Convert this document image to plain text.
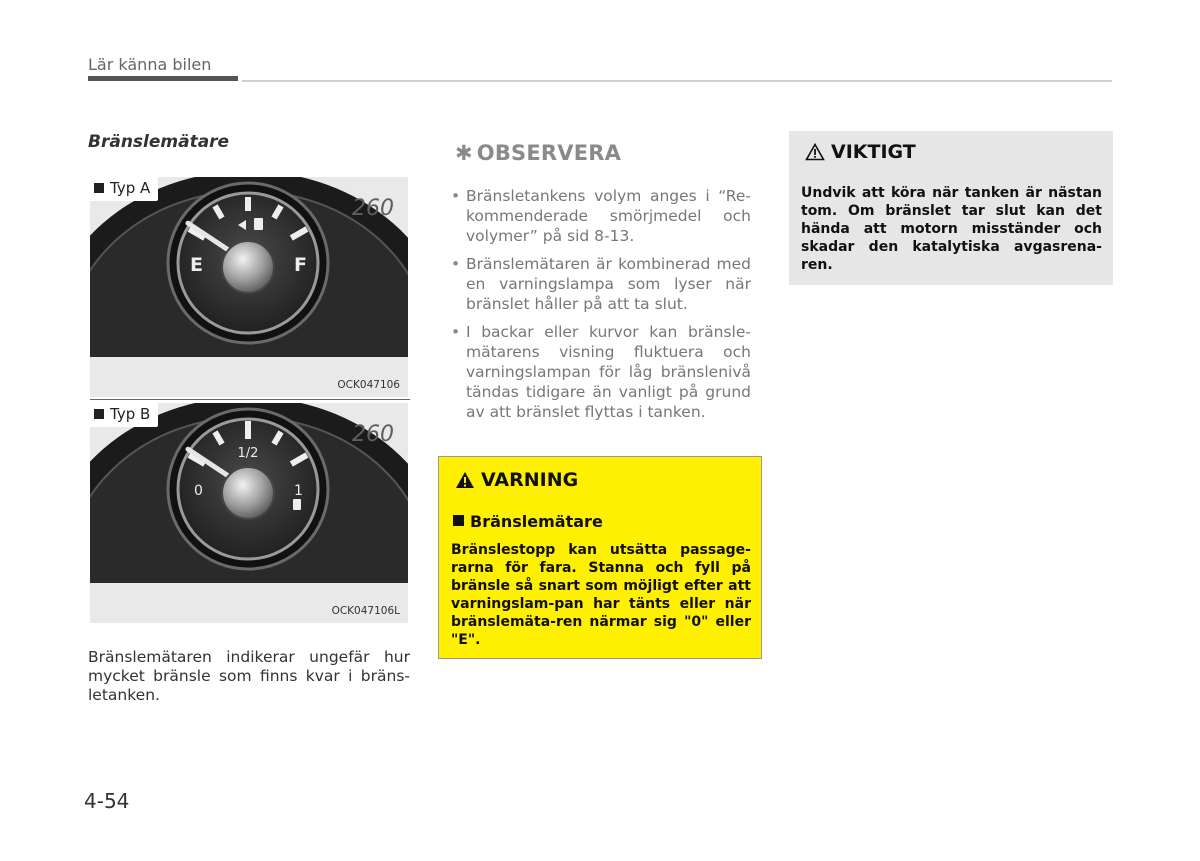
Lär känna bilen
Bränslemätare
E	F
260
Typ A
OCK047106
1/2
0	1
260
Typ B
OCK047106L
Bränslemätaren indikerar ungefär hur mycket bränsle som finns kvar i bräns-letanken.
4-54
✱ OBSERVERA
• Bränsletankens volym anges i “Re-kommenderade smörjmedel och volymer” på sid 8-13.
• Bränslemätaren är kombinerad med en varningslampa som lyser när bränslet håller på att ta slut.
• I backar eller kurvor kan bränsle-mätarens visning fluktuera och varningslampan för låg bränslenivå tändas tidigare än vanligt på grund av att bränslet flyttas i tanken.
VARNING
Bränslemätare
Bränslestopp kan utsätta passage-rarna för fara. Stanna och fyll på bränsle så snart som möjligt efter att varningslam-pan har tänts eller när bränslemäta-ren närmar sig "0" eller "E".
VIKTIGT
Undvik att köra när tanken är nästan tom. Om bränslet tar slut kan det hända att motorn misständer och skadar den katalytiska avgasrena-ren.
